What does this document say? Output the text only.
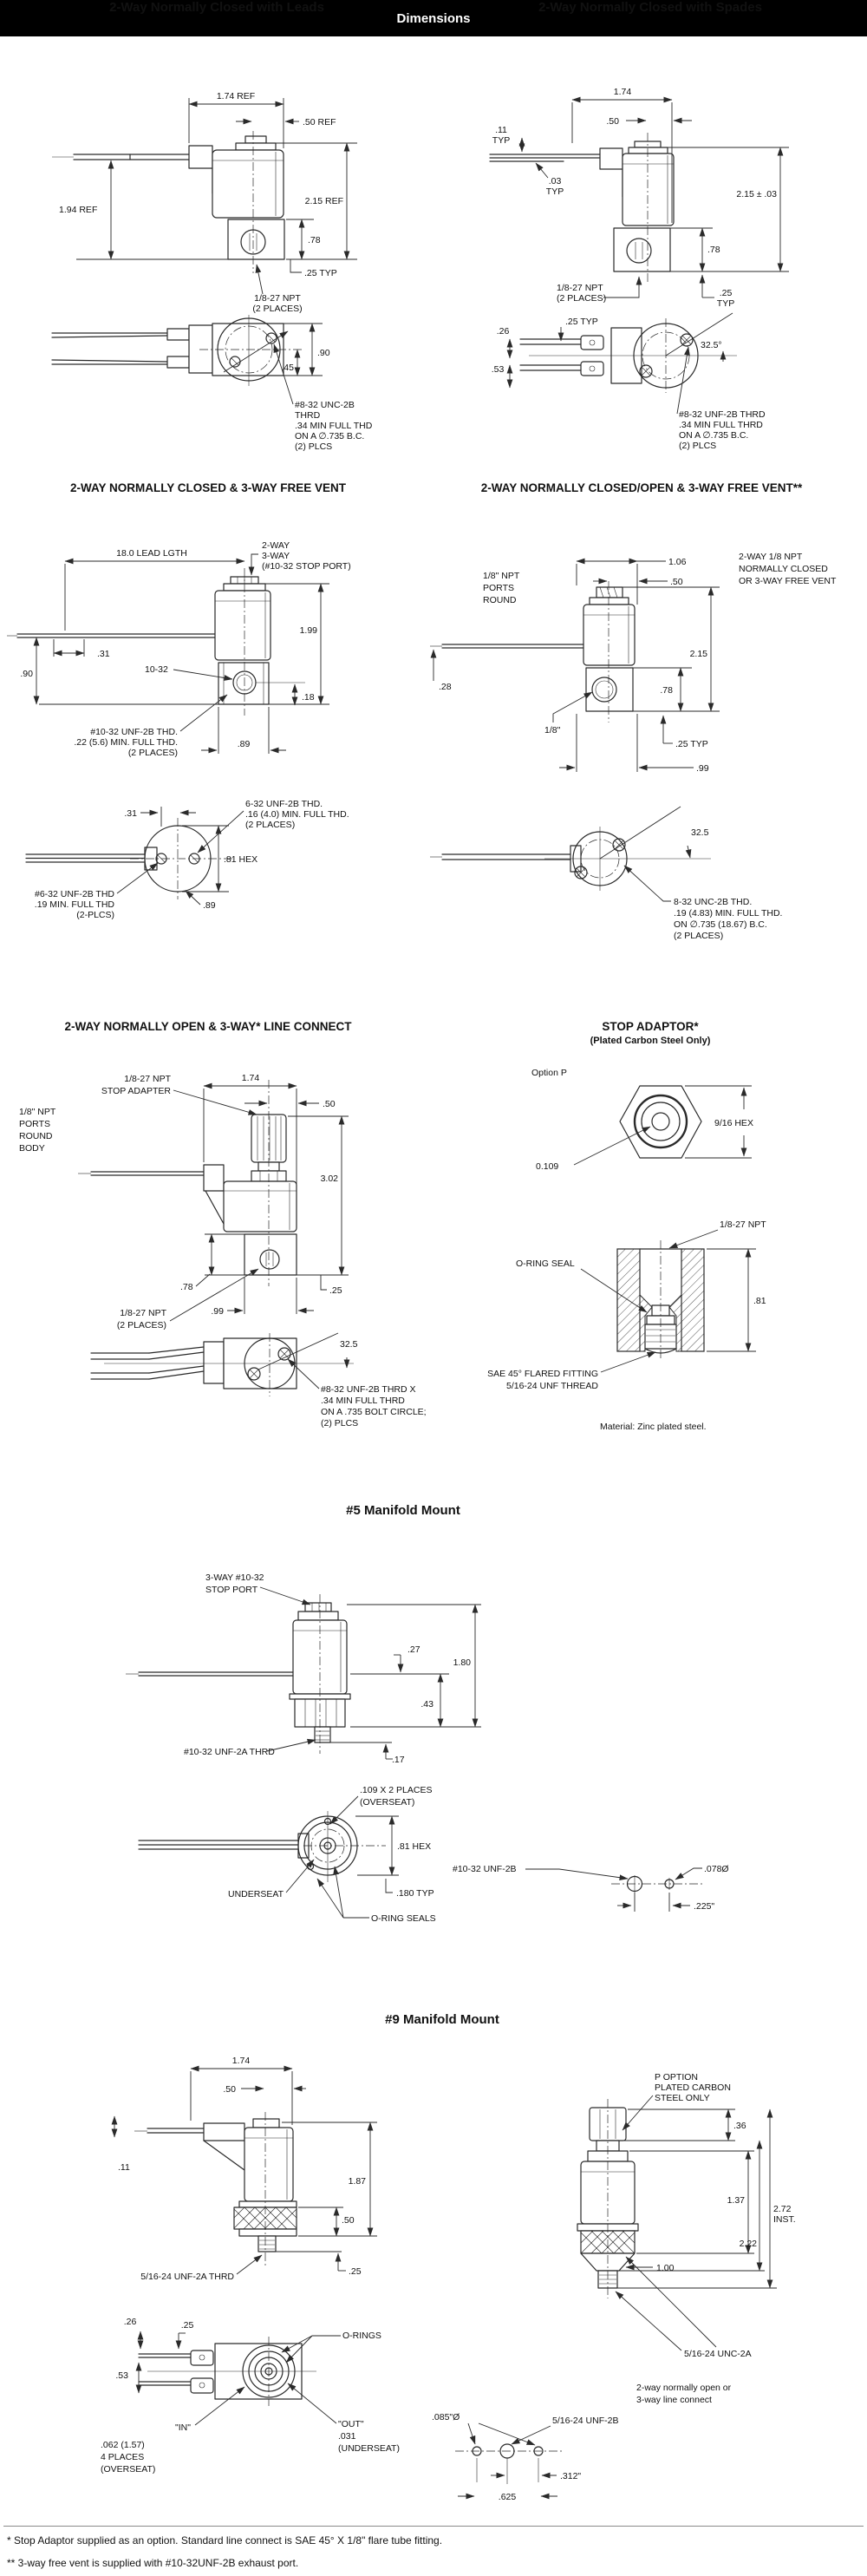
Dimensions
2-Way Normally Closed with Leads	2-Way Normally Closed with Spades
1.74 REF
.50 REF
1.94 REF
2.15 REF
.78
.25 TYP
1/8-27 NPT
(2 PLACES)
.90
.45
#8-32 UNC-2B
THRD
.34 MIN FULL THD
ON A ∅.735 B.C.
(2) PLCS
.11
TYP
.03
TYP
1.74
.50
2.15 ± .03
.78
1/8-27 NPT
(2 PLACES)	.25
TYP
.25 TYP
.26
.53
32.5°
#8-32 UNF-2B THRD
.34 MIN FULL THRD
ON A ∅.735 B.C.
(2) PLCS
2-WAY NORMALLY CLOSED & 3-WAY FREE VENT	2-WAY NORMALLY CLOSED/OPEN & 3-WAY FREE VENT**
18.0 LEAD LGTH
2-WAY
3-WAY
(#10-32 STOP PORT)
1.99
.90
.31
10-32
#10-32 UNF-2B THD.
.22 (5.6) MIN. FULL THD.
(2 PLACES)
.18
.89
.31
6-32 UNF-2B THD.
.16 (4.0) MIN. FULL THD.
(2 PLACES)
.81 HEX
#6-32 UNF-2B THD
.19 MIN. FULL THD
(2-PLCS)
.89
1/8" NPT
PORTS
ROUND
1.06
.50
2-WAY 1/8 NPT
NORMALLY CLOSED
OR 3-WAY FREE VENT
2.15
.28
1/8"
.78
.25 TYP
.99
32.5
8-32 UNC-2B THD.
.19 (4.83) MIN. FULL THD.
ON ∅.735 (18.67) B.C.
(2 PLACES)
2-WAY NORMALLY OPEN & 3-WAY* LINE CONNECT	STOP ADAPTOR*
(Plated Carbon Steel Only)
1/8" NPT
PORTS
ROUND
BODY
1/8-27 NPT
STOP ADAPTER
1.74
.50
3.02
.78	.25
.99
1/8-27 NPT
(2 PLACES)
32.5
#8-32 UNF-2B THRD X
.34 MIN FULL THRD
ON A .735 BOLT CIRCLE;
(2) PLCS
Option P
9/16 HEX
0.109
1/8-27 NPT
O-RING SEAL
.81
SAE 45° FLARED FITTING
5/16-24 UNF THREAD
Material: Zinc plated steel.
#5 Manifold Mount
3-WAY #10-32
STOP PORT
.27
1.80
.43
#10-32 UNF-2A THRD
.17
.109 X 2 PLACES
(OVERSEAT)
.81 HEX
UNDERSEAT	.180 TYP
O-RING SEALS
#10-32 UNF-2B	.078Ø
.225"
#9 Manifold Mount
1.74
.50
.11
1.87
.50
.25
5/16-24 UNF-2A THRD
.26	.25
.53
O-RINGS
"IN"
.062 (1.57)
4 PLACES
(OVERSEAT)
"OUT"
.031
(UNDERSEAT)
P OPTION
PLATED CARBON
STEEL ONLY
.36
1.37
2.22
2.72
INST.
1.00
5/16-24 UNC-2A
2-way normally open or
3-way line connect
.085"Ø	5/16-24 UNF-2B
.312"
.625
* Stop Adaptor supplied as an option. Standard line connect is SAE 45° X 1/8" flare tube fitting.
** 3-way free vent is supplied with #10-32UNF-2B exhaust port.
